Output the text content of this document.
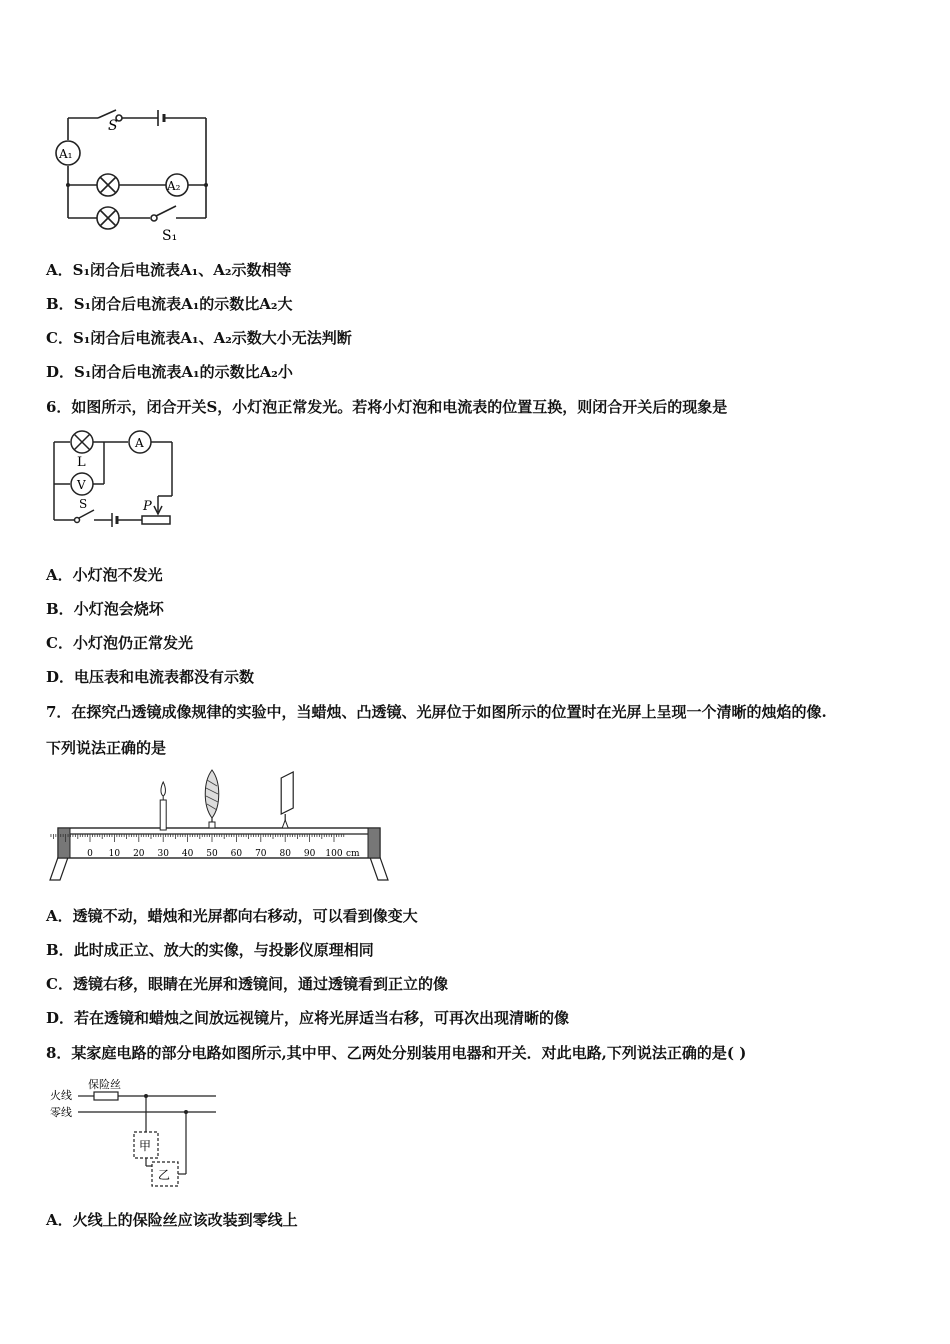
S
A₁
A₂
S₁
A．S₁闭合后电流表A₁、A₂示数相等
B．S₁闭合后电流表A₁的示数比A₂大
C．S₁闭合后电流表A₁、A₂示数大小无法判断
D．S₁闭合后电流表A₁的示数比A₂小
6．如图所示，闭合开关S，小灯泡正常发光。若将小灯泡和电流表的位置互换，则闭合开关后的现象是
A
L
V
S	P
A．小灯泡不发光
B．小灯泡会烧坏
C．小灯泡仍正常发光
D．电压表和电流表都没有示数
7．在探究凸透镜成像规律的实验中，当蜡烛、凸透镜、光屏位于如图所示的位置时在光屏上呈现一个清晰的烛焰的像.
下列说法正确的是
0 10 20 30 40 50 60 70 80 90 100 cm
A．透镜不动，蜡烛和光屏都向右移动，可以看到像变大
B．此时成正立、放大的实像，与投影仪原理相同
C．透镜右移，眼睛在光屏和透镜间，通过透镜看到正立的像
D．若在透镜和蜡烛之间放远视镜片，应将光屏适当右移，可再次出现清晰的像
8．某家庭电路的部分电路如图所示,其中甲、乙两处分别装用电器和开关．对此电路,下列说法正确的是( )
火线
零线
保险丝
甲
乙
A．火线上的保险丝应该改装到零线上
